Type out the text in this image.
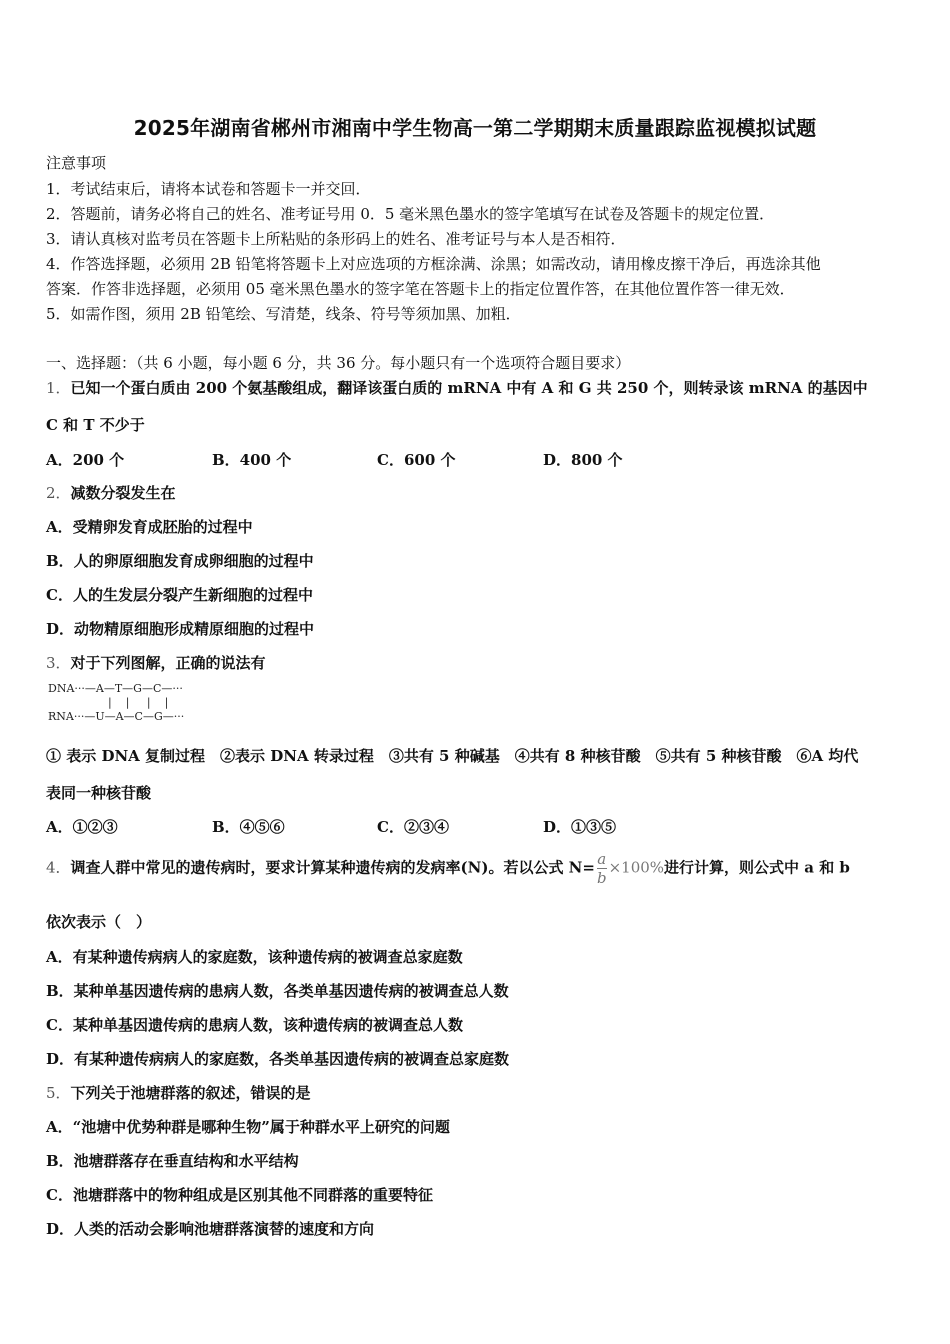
2025年湖南省郴州市湘南中学生物高一第二学期期末质量跟踪监视模拟试题
注意事项
1．考试结束后，请将本试卷和答题卡一并交回．
2．答题前，请务必将自己的姓名、准考证号用 0．5 毫米黑色墨水的签字笔填写在试卷及答题卡的规定位置．
3．请认真核对监考员在答题卡上所粘贴的条形码上的姓名、准考证号与本人是否相符．
4．作答选择题，必须用 2B 铅笔将答题卡上对应选项的方框涂满、涂黑；如需改动，请用橡皮擦干净后，再选涂其他
答案．作答非选择题，必须用 05 毫米黑色墨水的签字笔在答题卡上的指定位置作答，在其他位置作答一律无效．
5．如需作图，须用 2B 铅笔绘、写清楚，线条、符号等须加黑、加粗．
一、选择题：（共 6 小题，每小题 6 分，共 36 分。每小题只有一个选项符合题目要求）
1．已知一个蛋白质由 200 个氨基酸组成，翻译该蛋白质的 mRNA 中有 A 和 G 共 250 个，则转录该 mRNA 的基因中
C 和 T 不少于
A．200 个	B．400 个	C．600 个	D．800 个
2．减数分裂发生在
A．受精卵发育成胚胎的过程中
B．人的卵原细胞发育成卵细胞的过程中
C．人的生发层分裂产生新细胞的过程中
D．动物精原细胞形成精原细胞的过程中
3．对于下列图解，正确的说法有
DNA···—A—T—G—C—···
|    |     |    |
RNA···—U—A—C—G—···
① 表示 DNA 复制过程　②表示 DNA 转录过程　③共有 5 种碱基　④共有 8 种核苷酸　⑤共有 5 种核苷酸　⑥A 均代
表同一种核苷酸
A．①②③	B．④⑤⑥	C．②③④	D．①③⑤
4．调查人群中常见的遗传病时，要求计算某种遗传病的发病率(N)。若以公式 $N= \frac{a}{b} \times 100\%$进行计算，则公式中 a 和 b
依次表示（　）
A．有某种遗传病病人的家庭数，该种遗传病的被调查总家庭数
B．某种单基因遗传病的患病人数，各类单基因遗传病的被调查总人数
C．某种单基因遗传病的患病人数，该种遗传病的被调查总人数
D．有某种遗传病病人的家庭数，各类单基因遗传病的被调查总家庭数
5．下列关于池塘群落的叙述，错误的是
A．“池塘中优势种群是哪种生物”属于种群水平上研究的问题
B．池塘群落存在垂直结构和水平结构
C．池塘群落中的物种组成是区别其他不同群落的重要特征
D．人类的活动会影响池塘群落演替的速度和方向
